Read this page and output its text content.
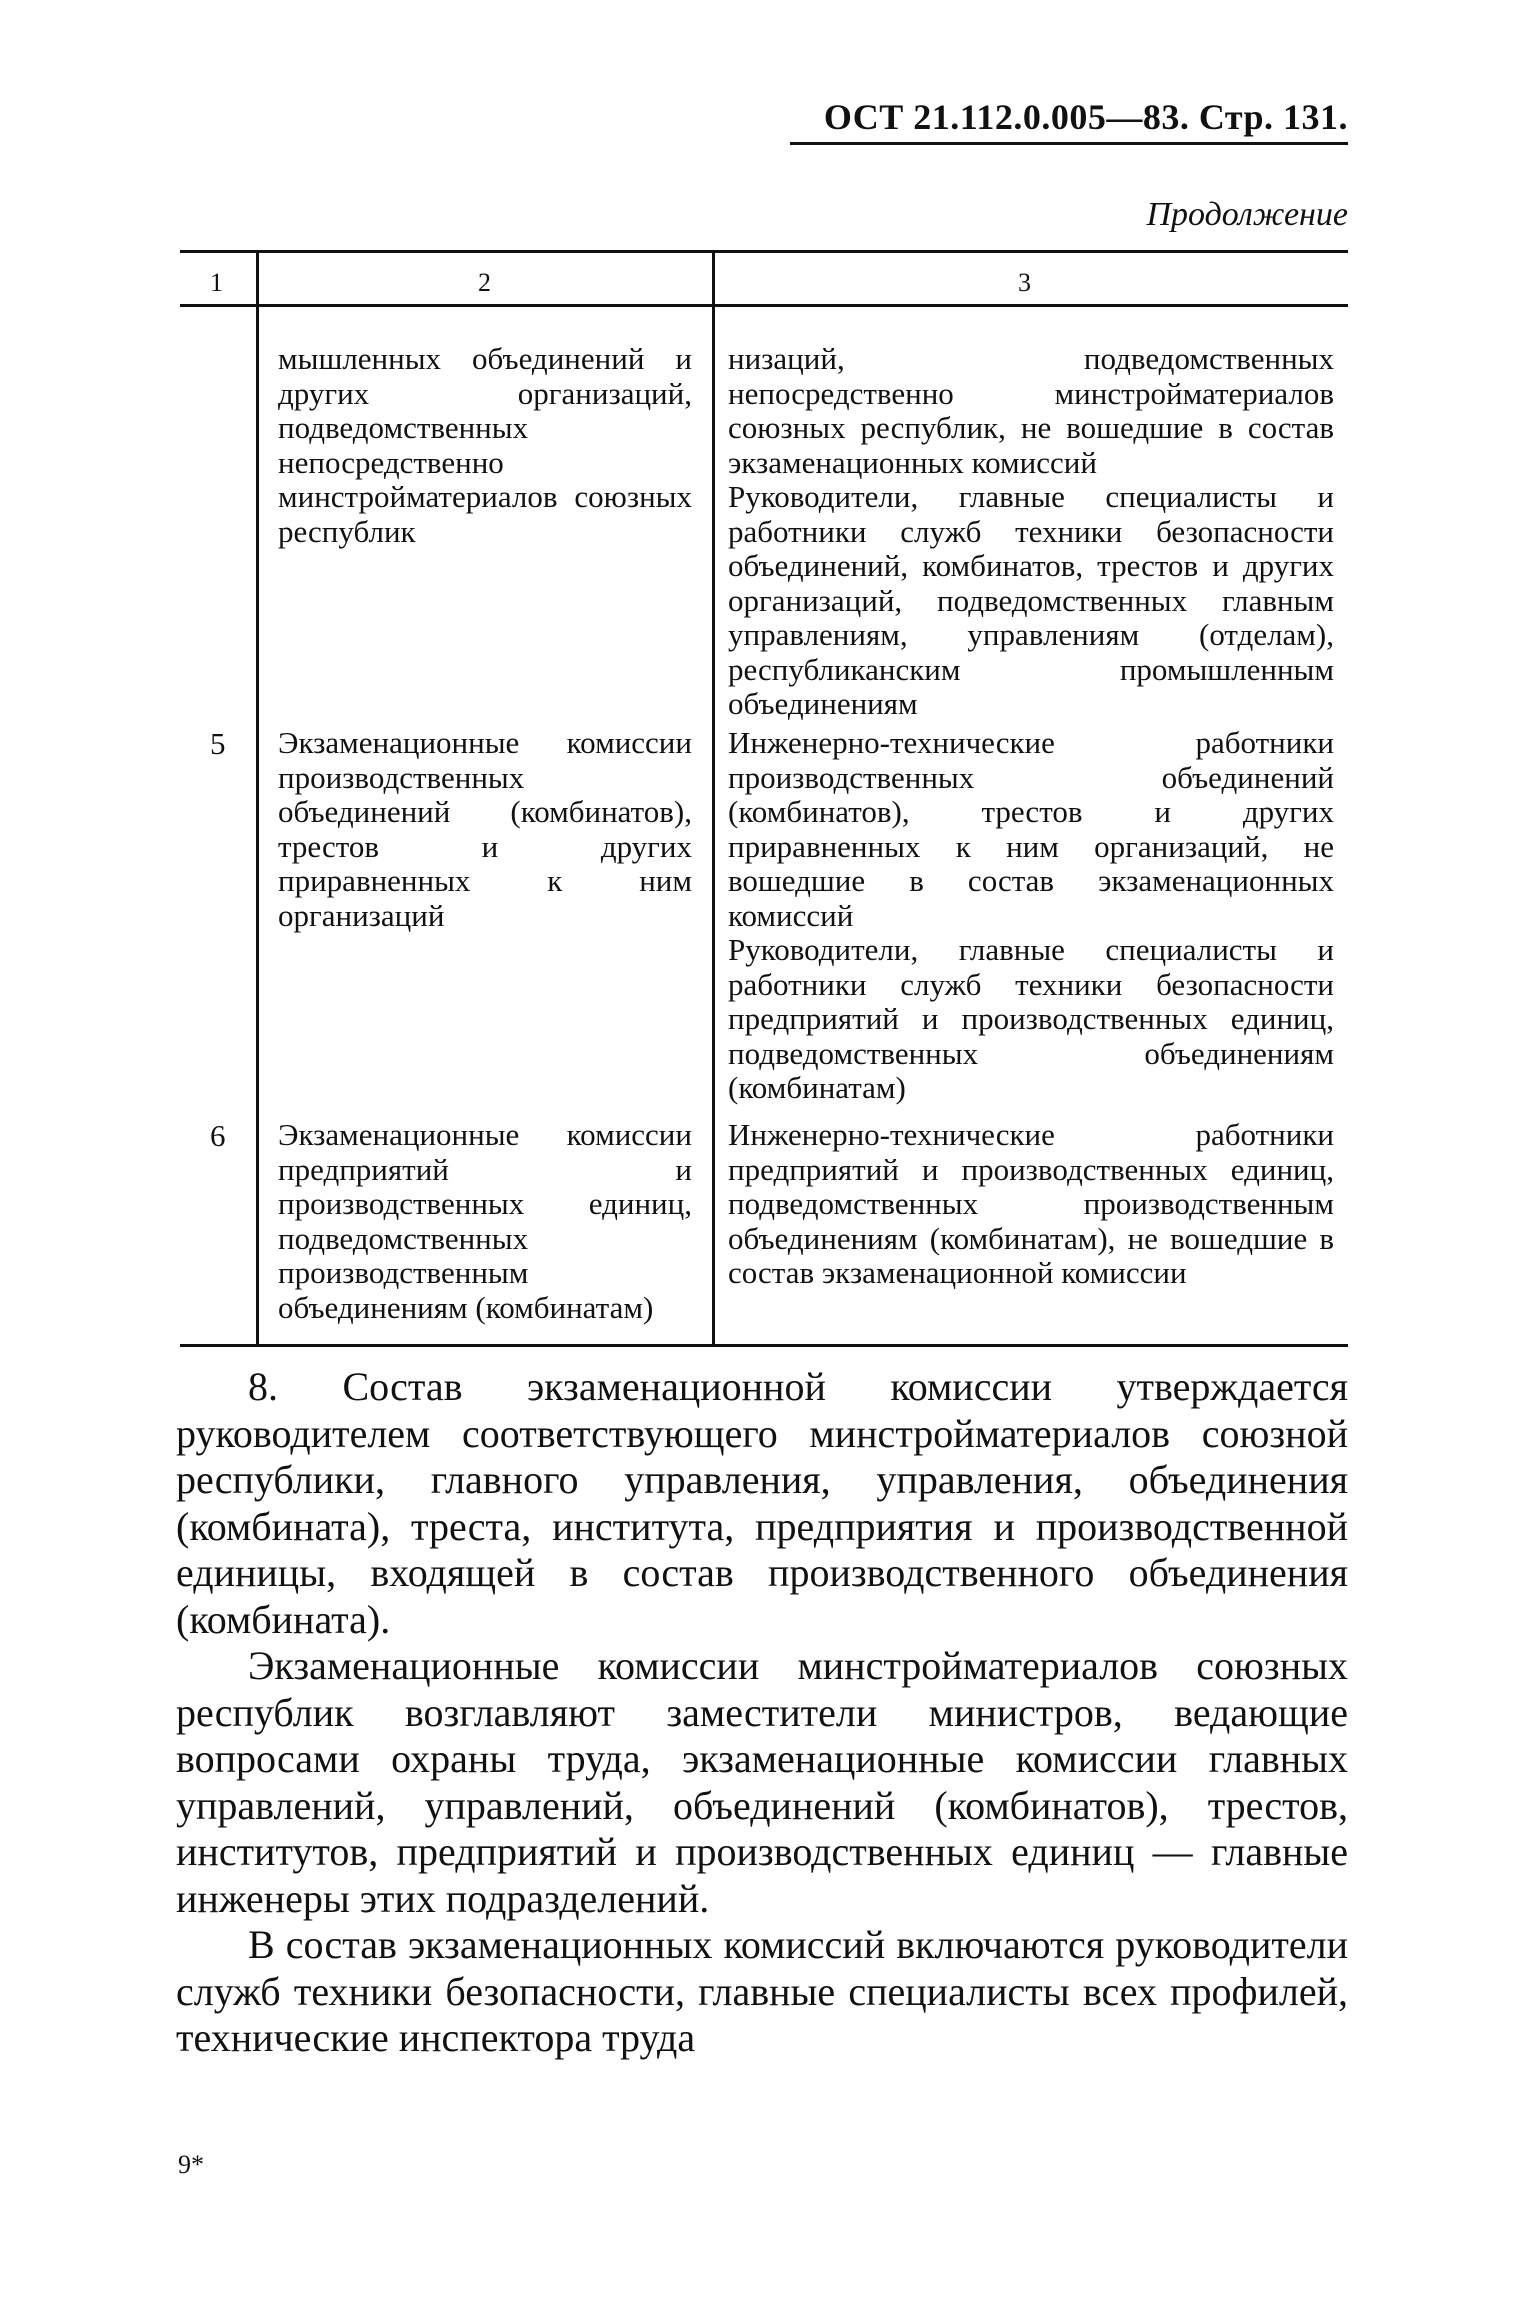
ОСТ 21.112.0.005—83. Стр. 131.
Продолжение
1	2	3
мышленных объединений и других организаций, подведомственных непосредственно минстройматериалов союзных республик

низаций, подведомственных непосредственно минстройматериалов союзных республик, не вошедшие в состав экзаменационных комиссий

Руководители, главные специалисты и работники служб техники безопасности объединений, комбинатов, трестов и других организаций, подведомственных главным управлениям, управлениям (отделам), республиканским промышленным объединениям

5 Экзаменационные комиссии производственных объединений (комбинатов), трестов и других приравненных к ним организаций

Инженерно-технические работники производственных объединений (комбинатов), трестов и других приравненных к ним организаций, не вошедшие в состав экзаменационных комиссий

Руководители, главные специалисты и работники служб техники безопасности предприятий и производственных единиц, подведомственных объединениям (комбинатам)

6 Экзаменационные комиссии предприятий и производственных единиц, подведомственных производственным объединениям (комбинатам)

Инженерно-технические работники предприятий и производственных единиц, подведомственных производственным объединениям (комбинатам), не вошедшие в состав экзаменационной комиссии

8. Состав экзаменационной комиссии утверждается руководителем соответствующего минстройматериалов союзной республики, главного управления, управления, объединения (комбината), треста, института, предприятия и производственной единицы, входящей в состав производственного объединения (комбината).

Экзаменационные комиссии минстройматериалов союзных республик возглавляют заместители министров, ведающие вопросами охраны труда, экзаменационные комиссии главных управлений, управлений, объединений (комбинатов), трестов, институтов, предприятий и производственных единиц — главные инженеры этих подразделений.

В состав экзаменационных комиссий включаются руководители служб техники безопасности, главные специалисты всех профилей, технические инспектора труда

9*
